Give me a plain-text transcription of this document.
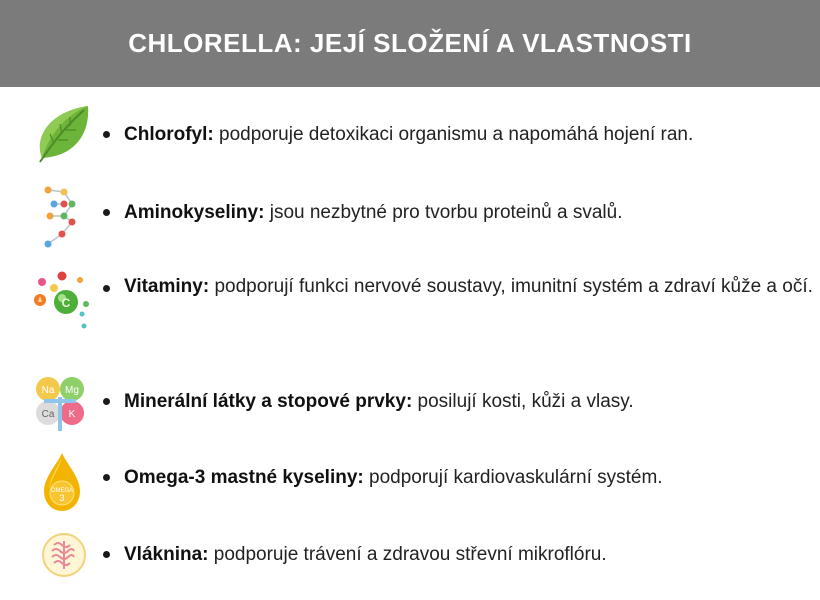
CHLORELLA: JEJÍ SLOŽENÍ A VLASTNOSTI
Chlorofyl: podporuje detoxikaci organismu a napomáhá hojení ran.
Aminokyseliny: jsou nezbytné pro tvorbu proteinů a svalů.
C
Vitaminy: podporují funkci nervové soustavy, imunitní systém a zdraví kůže a očí.
Na Mg
Ca K
Minerální látky a stopové prvky: posilují kosti, kůži a vlasy.
OMEGA
3
Omega-3 mastné kyseliny: podporují kardiovaskulární systém.
Vláknina: podporuje trávení a zdravou střevní mikroflóru.
